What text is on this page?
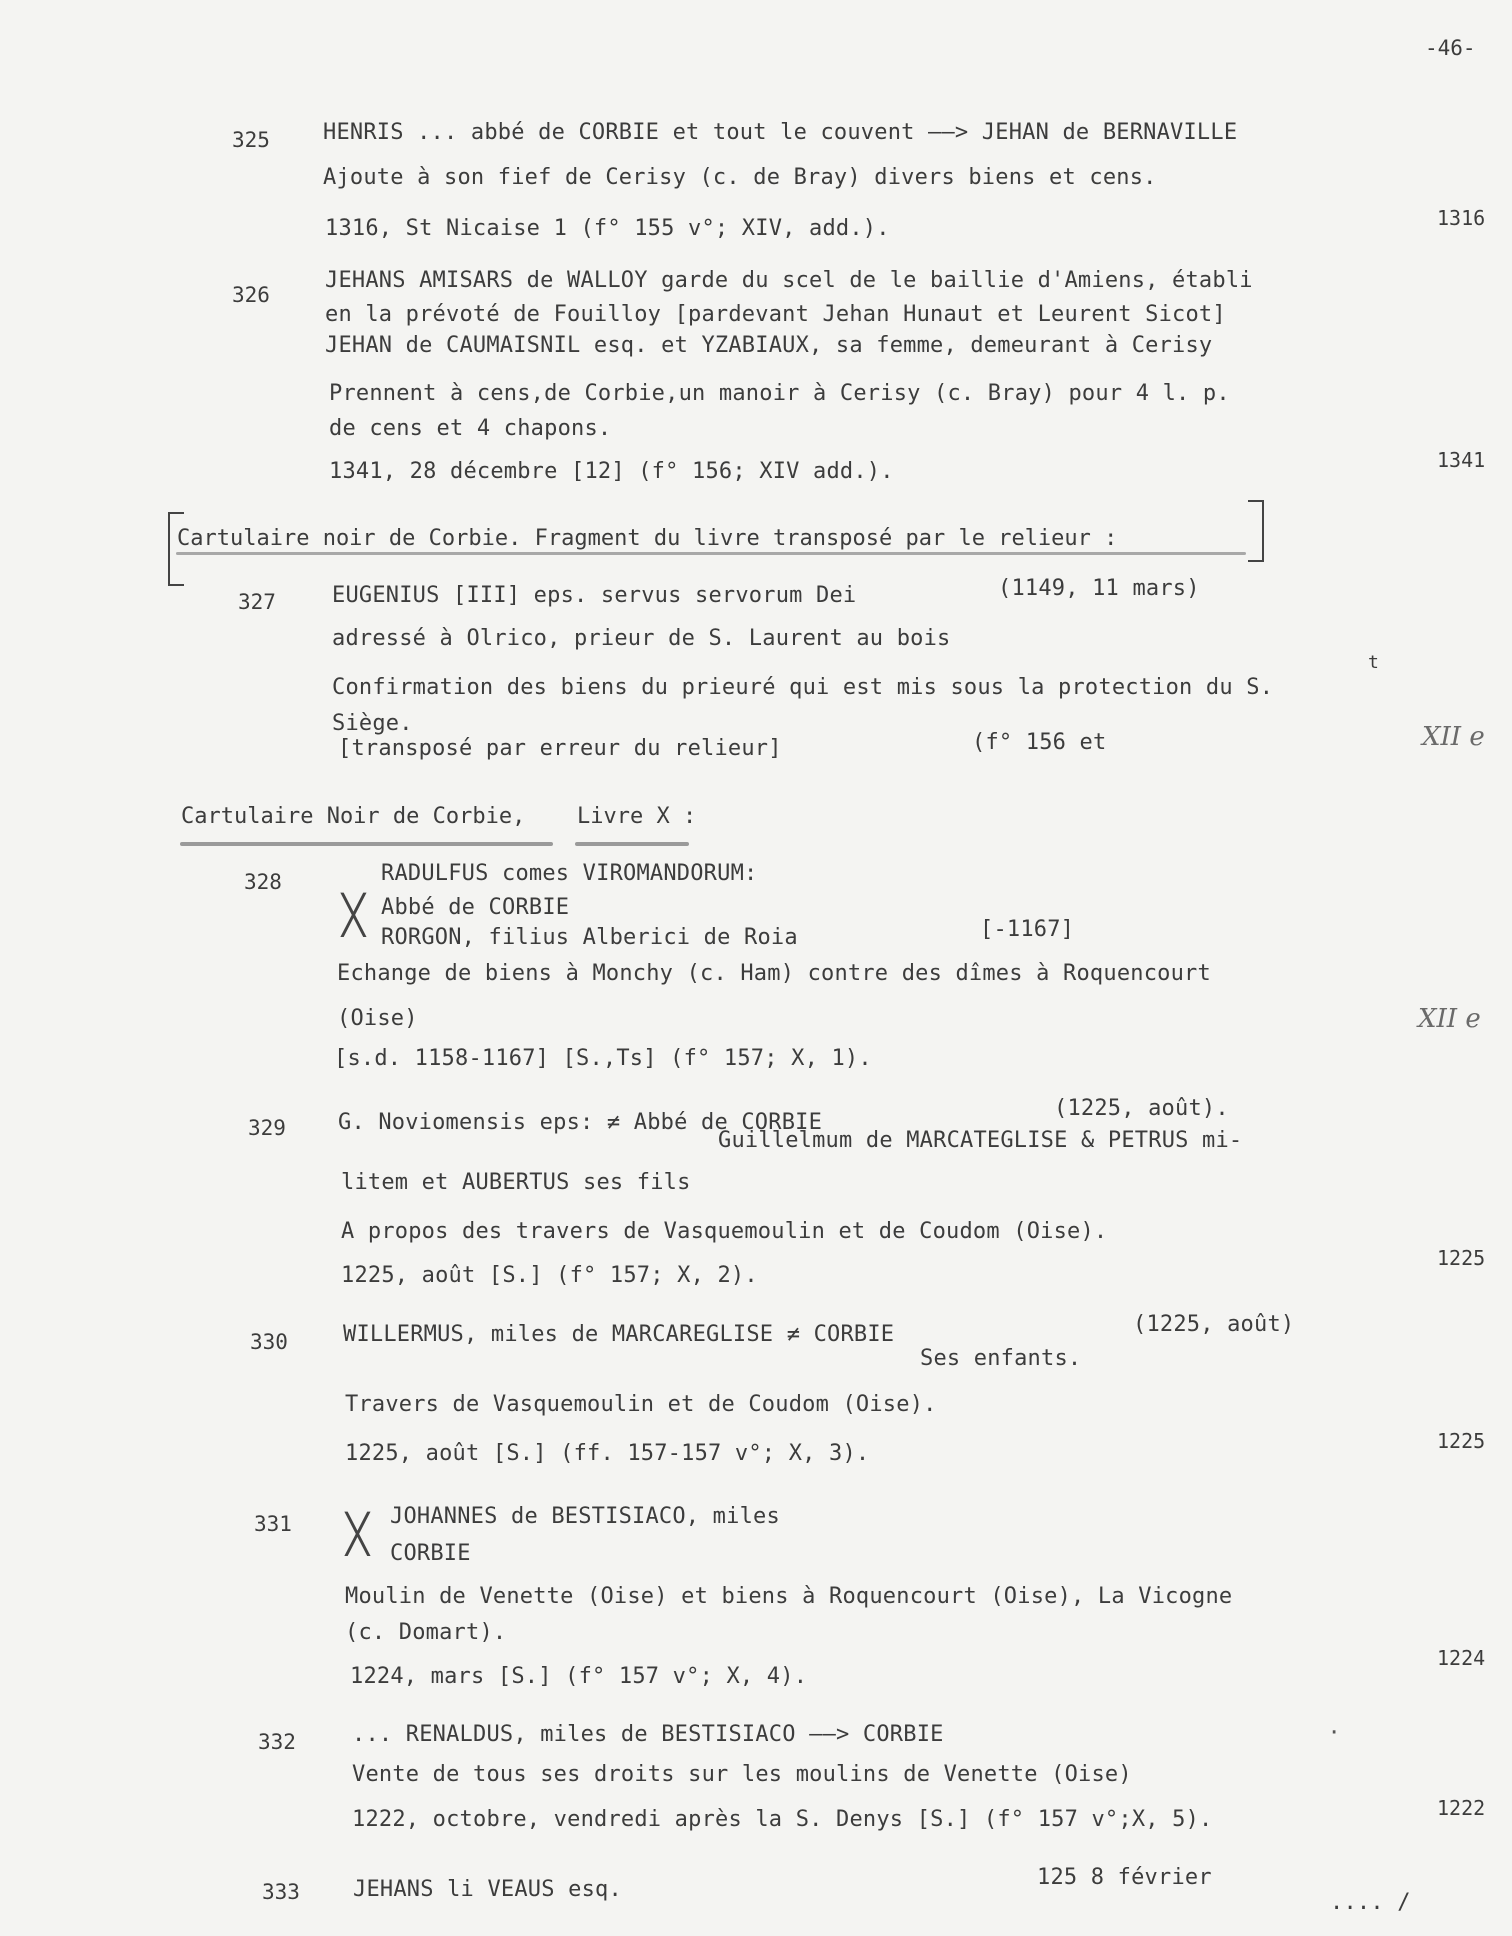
-46-
325 HENRIS ... abbé de CORBIE et tout le couvent ——> JEHAN de BERNAVILLE
Ajoute à son fief de Cerisy (c. de Bray) divers biens et cens.
1316, St Nicaise 1 (f° 155 v°; XIV, add.).	1316
326
JEHANS AMISARS de WALLOY garde du scel de le baillie d'Amiens, établi
en la prévoté de Fouilloy [pardevant Jehan Hunaut et Leurent Sicot]
JEHAN de CAUMAISNIL esq. et YZABIAUX, sa femme, demeurant à Cerisy
Prennent à cens,de Corbie,un manoir à Cerisy (c. Bray) pour 4 l. p.
de cens et 4 chapons.
1341, 28 décembre [12] (f° 156; XIV add.).	1341
Cartulaire noir de Corbie. Fragment du livre transposé par le relieur :
327	EUGENIUS [III] eps. servus servorum Dei	(1149, 11 mars)
adressé à Olrico, prieur de S. Laurent au bois
Confirmation des biens du prieuré qui est mis sous la protection du S.
t
Siège.
[transposé par erreur du relieur]	(f° 156 et	XII e
Cartulaire Noir de Corbie, Livre X :
328	RADULFUS comes VIROMANDORUM:
╳ Abbé de CORBIE
RORGON, filius Alberici de Roia	[-1167]
Echange de biens à Monchy (c. Ham) contre des dîmes à Roquencourt
(Oise)
[s.d. 1158-1167] [S.,Ts] (f° 157; X, 1).
XII e
329 G. Noviomensis eps: ≠ Abbé de CORBIE
(1225, août).
Guillelmum de MARCATEGLISE & PETRUS mi-
litem et AUBERTUS ses fils
A propos des travers de Vasquemoulin et de Coudom (Oise).
1225, août [S.] (f° 157; X, 2).
1225
330	WILLERMUS, miles de MARCAREGLISE ≠ CORBIE	(1225, août)
Ses enfants.
Travers de Vasquemoulin et de Coudom (Oise).
1225, août [S.] (ff. 157-157 v°; X, 3).	1225
331 ╳ JOHANNES de BESTISIACO, miles
CORBIE
Moulin de Venette (Oise) et biens à Roquencourt (Oise), La Vicogne
(c. Domart).
1224, mars [S.] (f° 157 v°; X, 4).
1224
332	... RENALDUS, miles de BESTISIACO ——> CORBIE
Vente de tous ses droits sur les moulins de Venette (Oise)
1222, octobre, vendredi après la S. Denys [S.] (f° 157 v°;X, 5).	1222
·
333 JEHANS li VEAUS esq.	125 8 février
.... /
